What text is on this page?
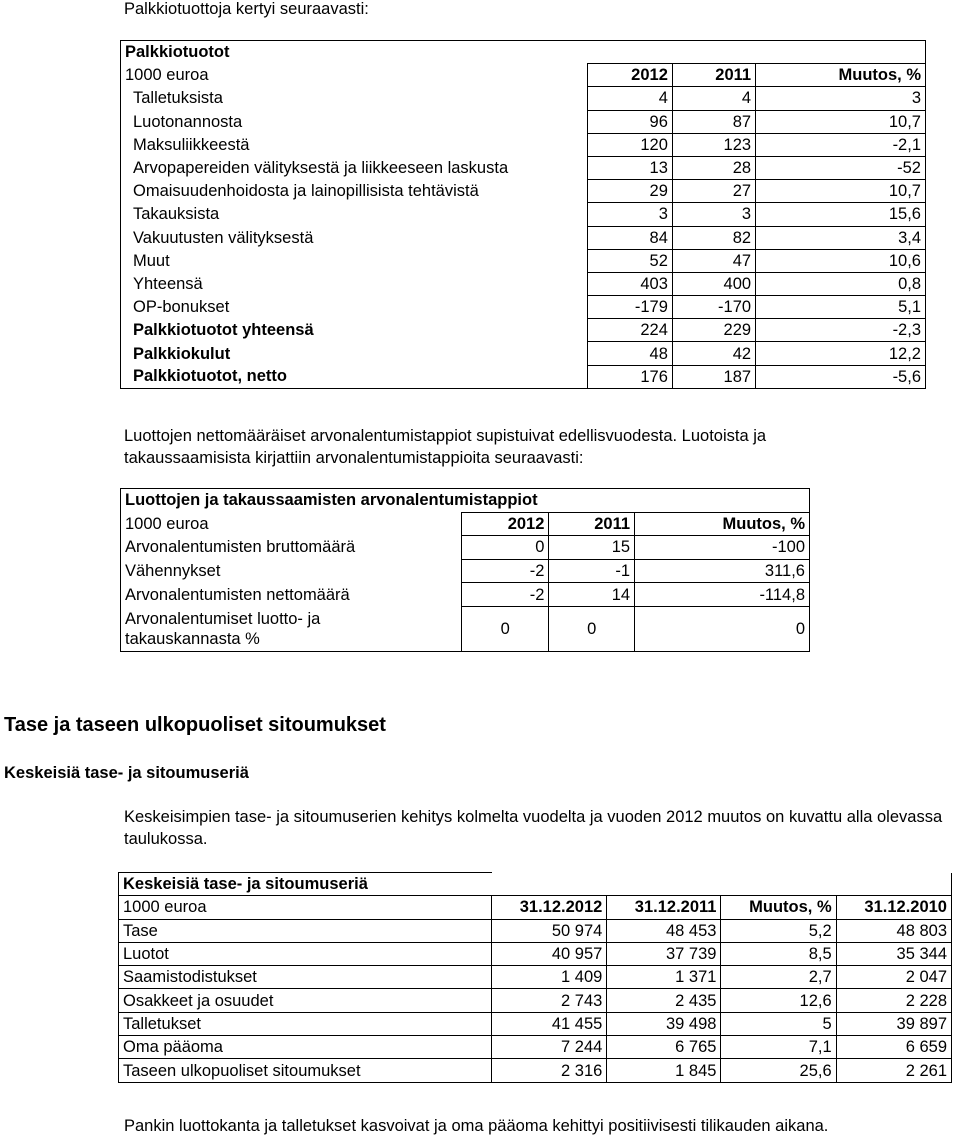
Palkkiotuottoja kertyi seuraavasti:

Palkkiotuotot			
1000 euroa	2012	2011	Muutos, %
Talletuksista	4	4	3
Luotonannosta	96	87	10,7
Maksuliikkeestä	120	123	-2,1
Arvopapereiden välityksestä ja liikkeeseen laskusta	13	28	-52
Omaisuudenhoidosta ja lainopillisista tehtävistä	29	27	10,7
Takauksista	3	3	15,6
Vakuutusten välityksestä	84	82	3,4
Muut	52	47	10,6
Yhteensä	403	400	0,8
OP-bonukset	-179	-170	5,1
Palkkiotuotot yhteensä	224	229	-2,3
Palkkiokulut	48	42	12,2
Palkkiotuotot, netto	176	187	-5,6

Luottojen nettomääräiset arvonalentumistappiot supistuivat edellisvuodesta. Luotoista ja takaussaamisista kirjattiin arvonalentumistappioita seuraavasti:

Luottojen ja takaussaamisten arvonalentumistappiot			
1000 euroa	2012	2011	Muutos, %
Arvonalentumisten bruttomäärä	0	15	-100
Vähennykset	-2	-1	311,6
Arvonalentumisten nettomäärä	-2	14	-114,8

Arvonalentumiset luotto- ja
takauskannasta %	0	0	0

Tase ja taseen ulkopuoliset sitoumukset

Keskeisiä tase- ja sitoumuseriä

Keskeisimpien tase- ja sitoumuserien kehitys kolmelta vuodelta ja vuoden 2012 muutos on kuvattu alla olevassa taulukossa.

Keskeisiä tase- ja sitoumuseriä				
1000 euroa	31.12.2012	31.12.2011	Muutos, %	31.12.2010
Tase	50 974	48 453	5,2	48 803
Luotot	40 957	37 739	8,5	35 344
Saamistodistukset	1 409	1 371	2,7	2 047
Osakkeet ja osuudet	2 743	2 435	12,6	2 228
Talletukset	41 455	39 498	5	39 897
Oma pääoma	7 244	6 765	7,1	6 659
Taseen ulkopuoliset sitoumukset	2 316	1 845	25,6	2 261

Pankin luottokanta ja talletukset kasvoivat ja oma pääoma kehittyi positiivisesti tilikauden aikana.
